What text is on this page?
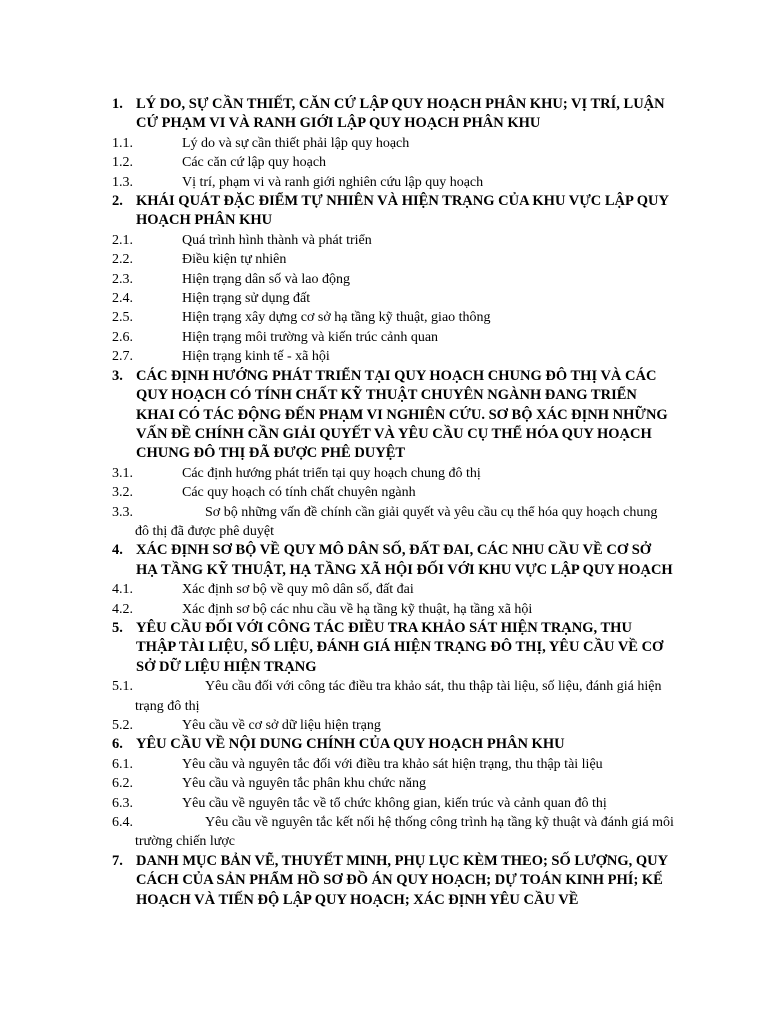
1. LÝ DO, SỰ CẦN THIẾT, CĂN CỨ LẬP QUY HOẠCH PHÂN KHU; VỊ TRÍ, LUẬN CỨ PHẠM VI VÀ RANH GIỚI LẬP QUY HOẠCH PHÂN KHU
1.1.	Lý do và sự cần thiết phải lập quy hoạch
1.2.	Các căn cứ lập quy hoạch
1.3.	Vị trí, phạm vi và ranh giới nghiên cứu lập quy hoạch
2. KHÁI QUÁT ĐẶC ĐIỂM TỰ NHIÊN VÀ HIỆN TRẠNG CỦA KHU VỰC LẬP QUY HOẠCH PHÂN KHU
2.1.	Quá trình hình thành và phát triển
2.2.	Điều kiện tự nhiên
2.3.	Hiện trạng dân số và lao động
2.4.	Hiện trạng sử dụng đất
2.5.	Hiện trạng xây dựng cơ sở hạ tầng kỹ thuật, giao thông
2.6.	Hiện trạng môi trường và kiến trúc cảnh quan
2.7.	Hiện trạng kinh tế - xã hội
3. CÁC ĐỊNH HƯỚNG PHÁT TRIỂN TẠI QUY HOẠCH CHUNG ĐÔ THỊ VÀ CÁC QUY HOẠCH CÓ TÍNH CHẤT KỸ THUẬT CHUYÊN NGÀNH ĐANG TRIỂN KHAI CÓ TÁC ĐỘNG ĐẾN PHẠM VI NGHIÊN CỨU. SƠ BỘ XÁC ĐỊNH NHỮNG VẤN ĐỀ CHÍNH CẦN GIẢI QUYẾT VÀ YÊU CẦU CỤ THỂ HÓA QUY HOẠCH CHUNG ĐÔ THỊ ĐÃ ĐƯỢC PHÊ DUYỆT
3.1.	Các định hướng phát triển tại quy hoạch chung đô thị
3.2.	Các quy hoạch có tính chất chuyên ngành
3.3.	Sơ bộ những vấn đề chính cần giải quyết và yêu cầu cụ thể hóa quy hoạch chung đô thị đã được phê duyệt
4. XÁC ĐỊNH SƠ BỘ VỀ QUY MÔ DÂN SỐ, ĐẤT ĐAI, CÁC NHU CẦU VỀ CƠ SỞ HẠ TẦNG KỸ THUẬT, HẠ TẦNG XÃ HỘI ĐỐI VỚI KHU VỰC LẬP QUY HOẠCH
4.1.	Xác định sơ bộ về quy mô dân số, đất đai
4.2.	Xác định sơ bộ các nhu cầu về hạ tầng kỹ thuật, hạ tầng xã hội
5. YÊU CẦU ĐỐI VỚI CÔNG TÁC ĐIỀU TRA KHẢO SÁT HIỆN TRẠNG, THU THẬP TÀI LIỆU, SỐ LIỆU, ĐÁNH GIÁ HIỆN TRẠNG ĐÔ THỊ, YÊU CẦU VỀ CƠ SỞ DỮ LIỆU HIỆN TRẠNG
5.1.	Yêu cầu đối với công tác điều tra khảo sát, thu thập tài liệu, số liệu, đánh giá hiện trạng đô thị
5.2.	Yêu cầu về cơ sở dữ liệu hiện trạng
6. YÊU CẦU VỀ NỘI DUNG CHÍNH CỦA QUY HOẠCH PHÂN KHU
6.1.	Yêu cầu và nguyên tắc đối với điều tra khảo sát hiện trạng, thu thập tài liệu
6.2.	Yêu cầu và nguyên tắc phân khu chức năng
6.3.	Yêu cầu về nguyên tắc về tổ chức không gian, kiến trúc và cảnh quan đô thị
6.4.	Yêu cầu về nguyên tắc kết nối hệ thống công trình hạ tầng kỹ thuật và đánh giá môi trường chiến lược
7. DANH MỤC BẢN VẼ, THUYẾT MINH, PHỤ LỤC KÈM THEO; SỐ LƯỢNG, QUY CÁCH CỦA SẢN PHẨM HỒ SƠ ĐỒ ÁN QUY HOẠCH; DỰ TOÁN KINH PHÍ; KẾ HOẠCH VÀ TIẾN ĐỘ LẬP QUY HOẠCH; XÁC ĐỊNH YÊU CẦU VỀ
